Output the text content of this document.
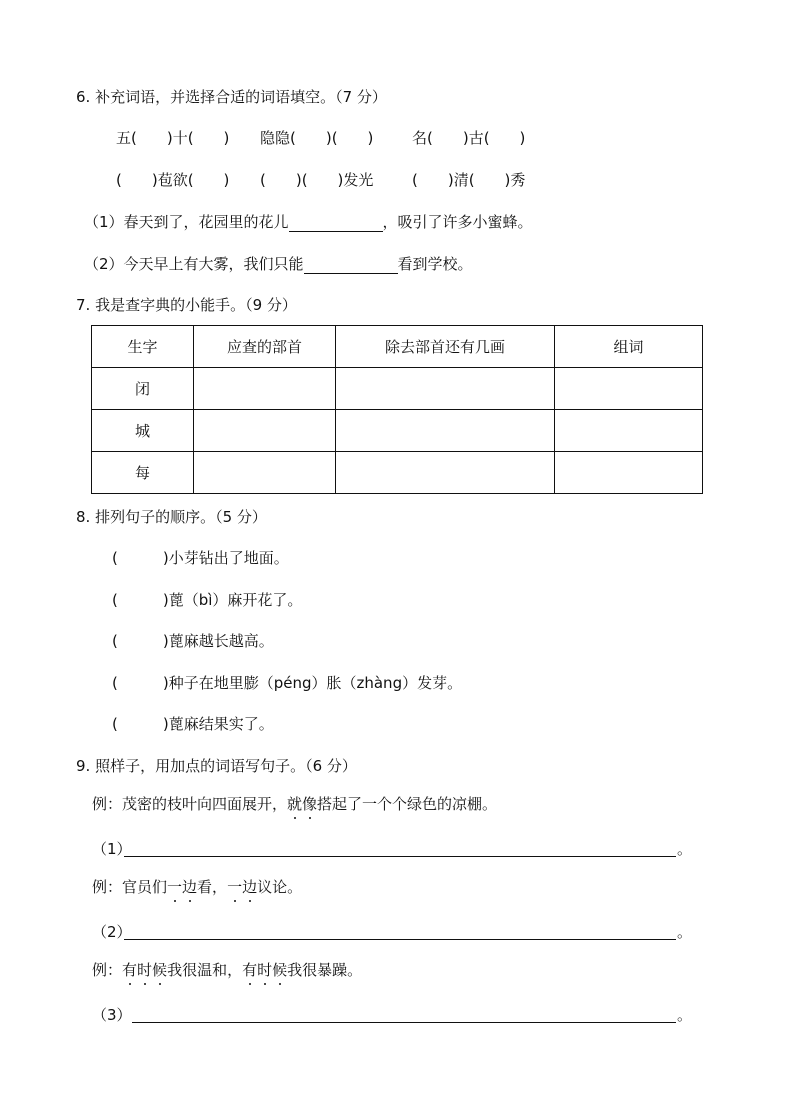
6. 补充词语，并选择合适的词语填空。（7 分）
五(　　)十(　　) 隐隐(　　)(　　)	名(　　)古(　　)
(　　)苞欲(　　) (　　)(　　)发光	(　　)清(　　)秀
（1）春天到了，花园里的花儿	，吸引了许多小蜜蜂。
（2）今天早上有大雾，我们只能	看到学校。
7. 我是查字典的小能手。（9 分）
生字	应查的部首	除去部首还有几画	组词
闭			
城			
每			
8. 排列句子的顺序。（5 分）
(　　　)小芽钻出了地面。
(　　　)蓖（bì）麻开花了。
(　　　)蓖麻越长越高。
(　　　)种子在地里膨（péng）胀（zhàng）发芽。
(　　　)蓖麻结果实了。
9. 照样子，用加点的词语写句子。（6 分）
例：茂密的枝叶向四面展开，就像搭起了一个个绿色的凉棚。
（1）	。
例：官员们一边看，一边议论。
（2）	。
例：有时候我很温和，有时候我很暴躁。
（3）	。
